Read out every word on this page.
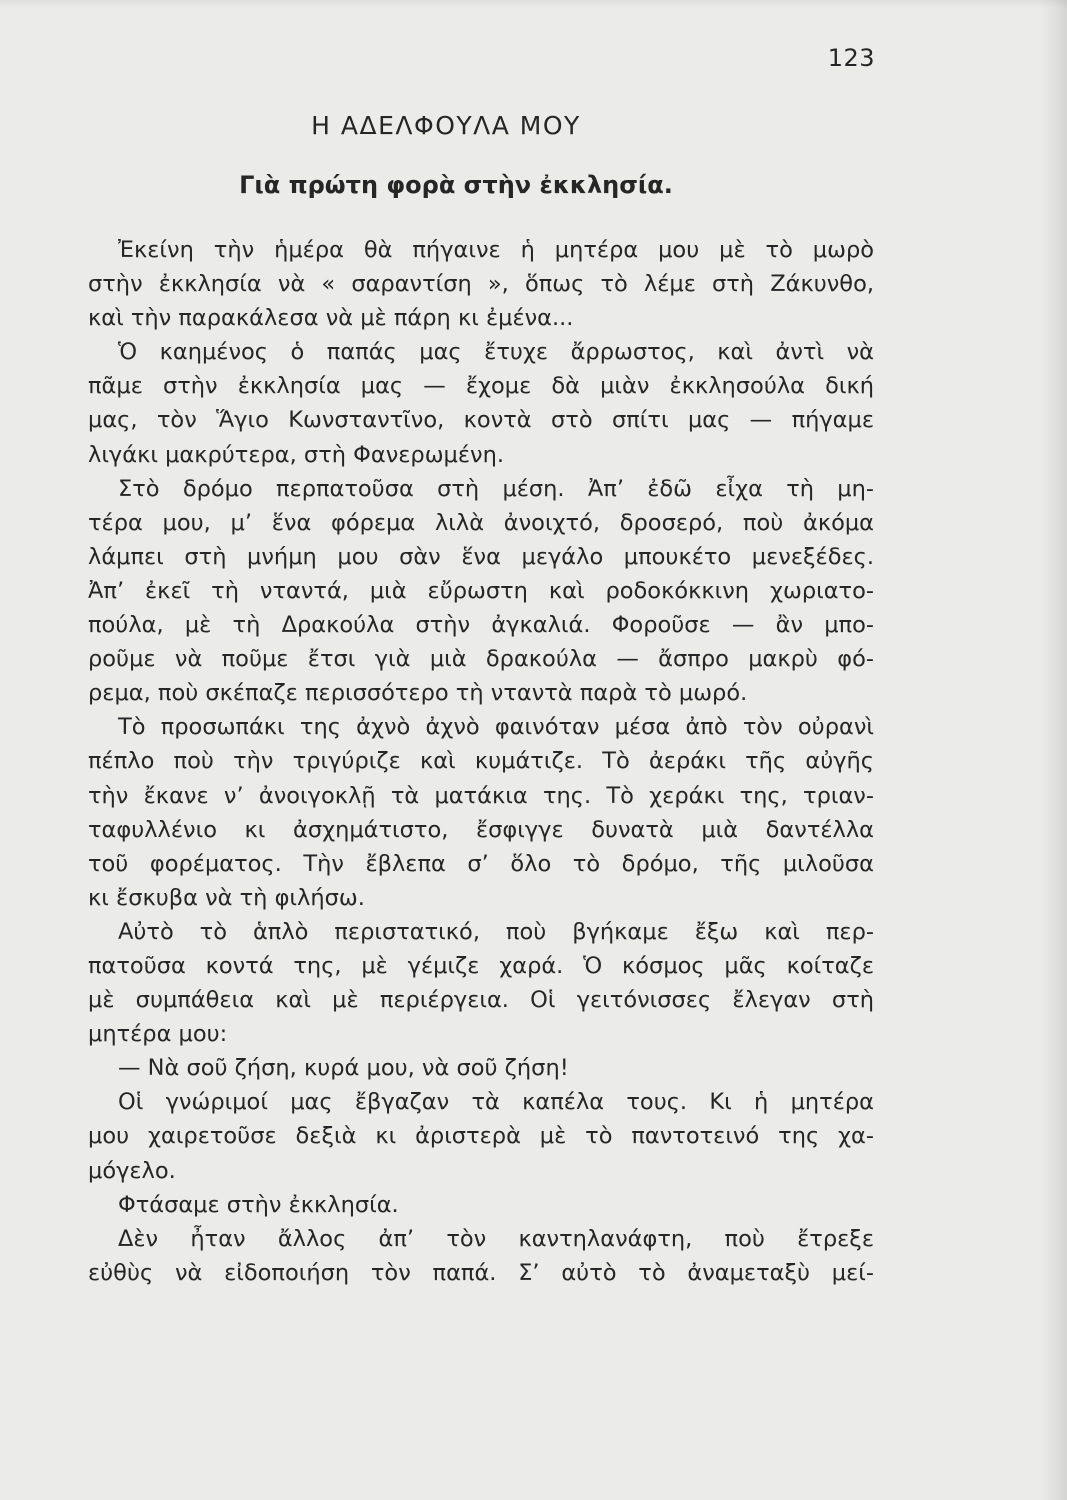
123
Η ΑΔΕΛΦΟΥΛΑ ΜΟΥ
Γιὰ πρώτη φορὰ στὴν ἐκκλησία.
Ἐκείνη τὴν ἡμέρα θὰ πήγαινε ἡ μητέρα μου μὲ τὸ μωρὸ
στὴν ἐκκλησία νὰ « σαραντίση », ὅπως τὸ λέμε στὴ Ζάκυνθο,
καὶ τὴν παρακάλεσα νὰ μὲ πάρη κι ἐμένα...
Ὁ καημένος ὁ παπάς μας ἔτυχε ἄρρωστος, καὶ ἀντὶ νὰ
πᾶμε στὴν ἐκκλησία μας — ἔχομε δὰ μιὰν ἐκκλησούλα δική
μας, τὸν Ἅγιο Κωνσταντῖνο, κοντὰ στὸ σπίτι μας — πήγαμε
λιγάκι μακρύτερα, στὴ Φανερωμένη.
Στὸ δρόμο περπατοῦσα στὴ μέση. Ἀπ’ ἐδῶ εἶχα τὴ μη-
τέρα μου, μ’ ἕνα φόρεμα λιλὰ ἀνοιχτό, δροσερό, ποὺ ἀκόμα
λάμπει στὴ μνήμη μου σὰν ἕνα μεγάλο μπουκέτο μενεξέδες.
Ἀπ’ ἐκεῖ τὴ νταντά, μιὰ εὔρωστη καὶ ροδοκόκκινη χωριατο-
πούλα, μὲ τὴ Δρακούλα στὴν ἀγκαλιά. Φοροῦσε — ἂν μπο-
ροῦμε νὰ ποῦμε ἔτσι γιὰ μιὰ δρακούλα — ἄσπρο μακρὺ φό-
ρεμα, ποὺ σκέπαζε περισσότερο τὴ νταντὰ παρὰ τὸ μωρό.
Τὸ προσωπάκι της ἀχνὸ ἀχνὸ φαινόταν μέσα ἀπὸ τὸν οὐρανὶ
πέπλο ποὺ τὴν τριγύριζε καὶ κυμάτιζε. Τὸ ἀεράκι τῆς αὐγῆς
τὴν ἔκανε ν’ ἀνοιγοκλῇ τὰ ματάκια της. Τὸ χεράκι της, τριαν-
ταφυλλένιο κι ἀσχημάτιστο, ἔσφιγγε δυνατὰ μιὰ δαντέλλα
τοῦ φορέματος. Τὴν ἔβλεπα σ’ ὅλο τὸ δρόμο, τῆς μιλοῦσα
κι ἔσκυβα νὰ τὴ φιλήσω.
Αὐτὸ τὸ ἁπλὸ περιστατικό, ποὺ βγήκαμε ἔξω καὶ περ-
πατοῦσα κοντά της, μὲ γέμιζε χαρά. Ὁ κόσμος μᾶς κοίταζε
μὲ συμπάθεια καὶ μὲ περιέργεια. Οἱ γειτόνισσες ἔλεγαν στὴ
μητέρα μου:
— Νὰ σοῦ ζήση, κυρά μου, νὰ σοῦ ζήση!
Οἱ γνώριμοί μας ἔβγαζαν τὰ καπέλα τους. Κι ἡ μητέρα
μου χαιρετοῦσε δεξιὰ κι ἀριστερὰ μὲ τὸ παντοτεινό της χα-
μόγελο.
Φτάσαμε στὴν ἐκκλησία.
Δὲν ἦταν ἄλλος ἀπ’ τὸν καντηλανάφτη, ποὺ ἔτρεξε
εὐθὺς νὰ εἰδοποιήση τὸν παπά. Σ’ αὐτὸ τὸ ἀναμεταξὺ μεί-
